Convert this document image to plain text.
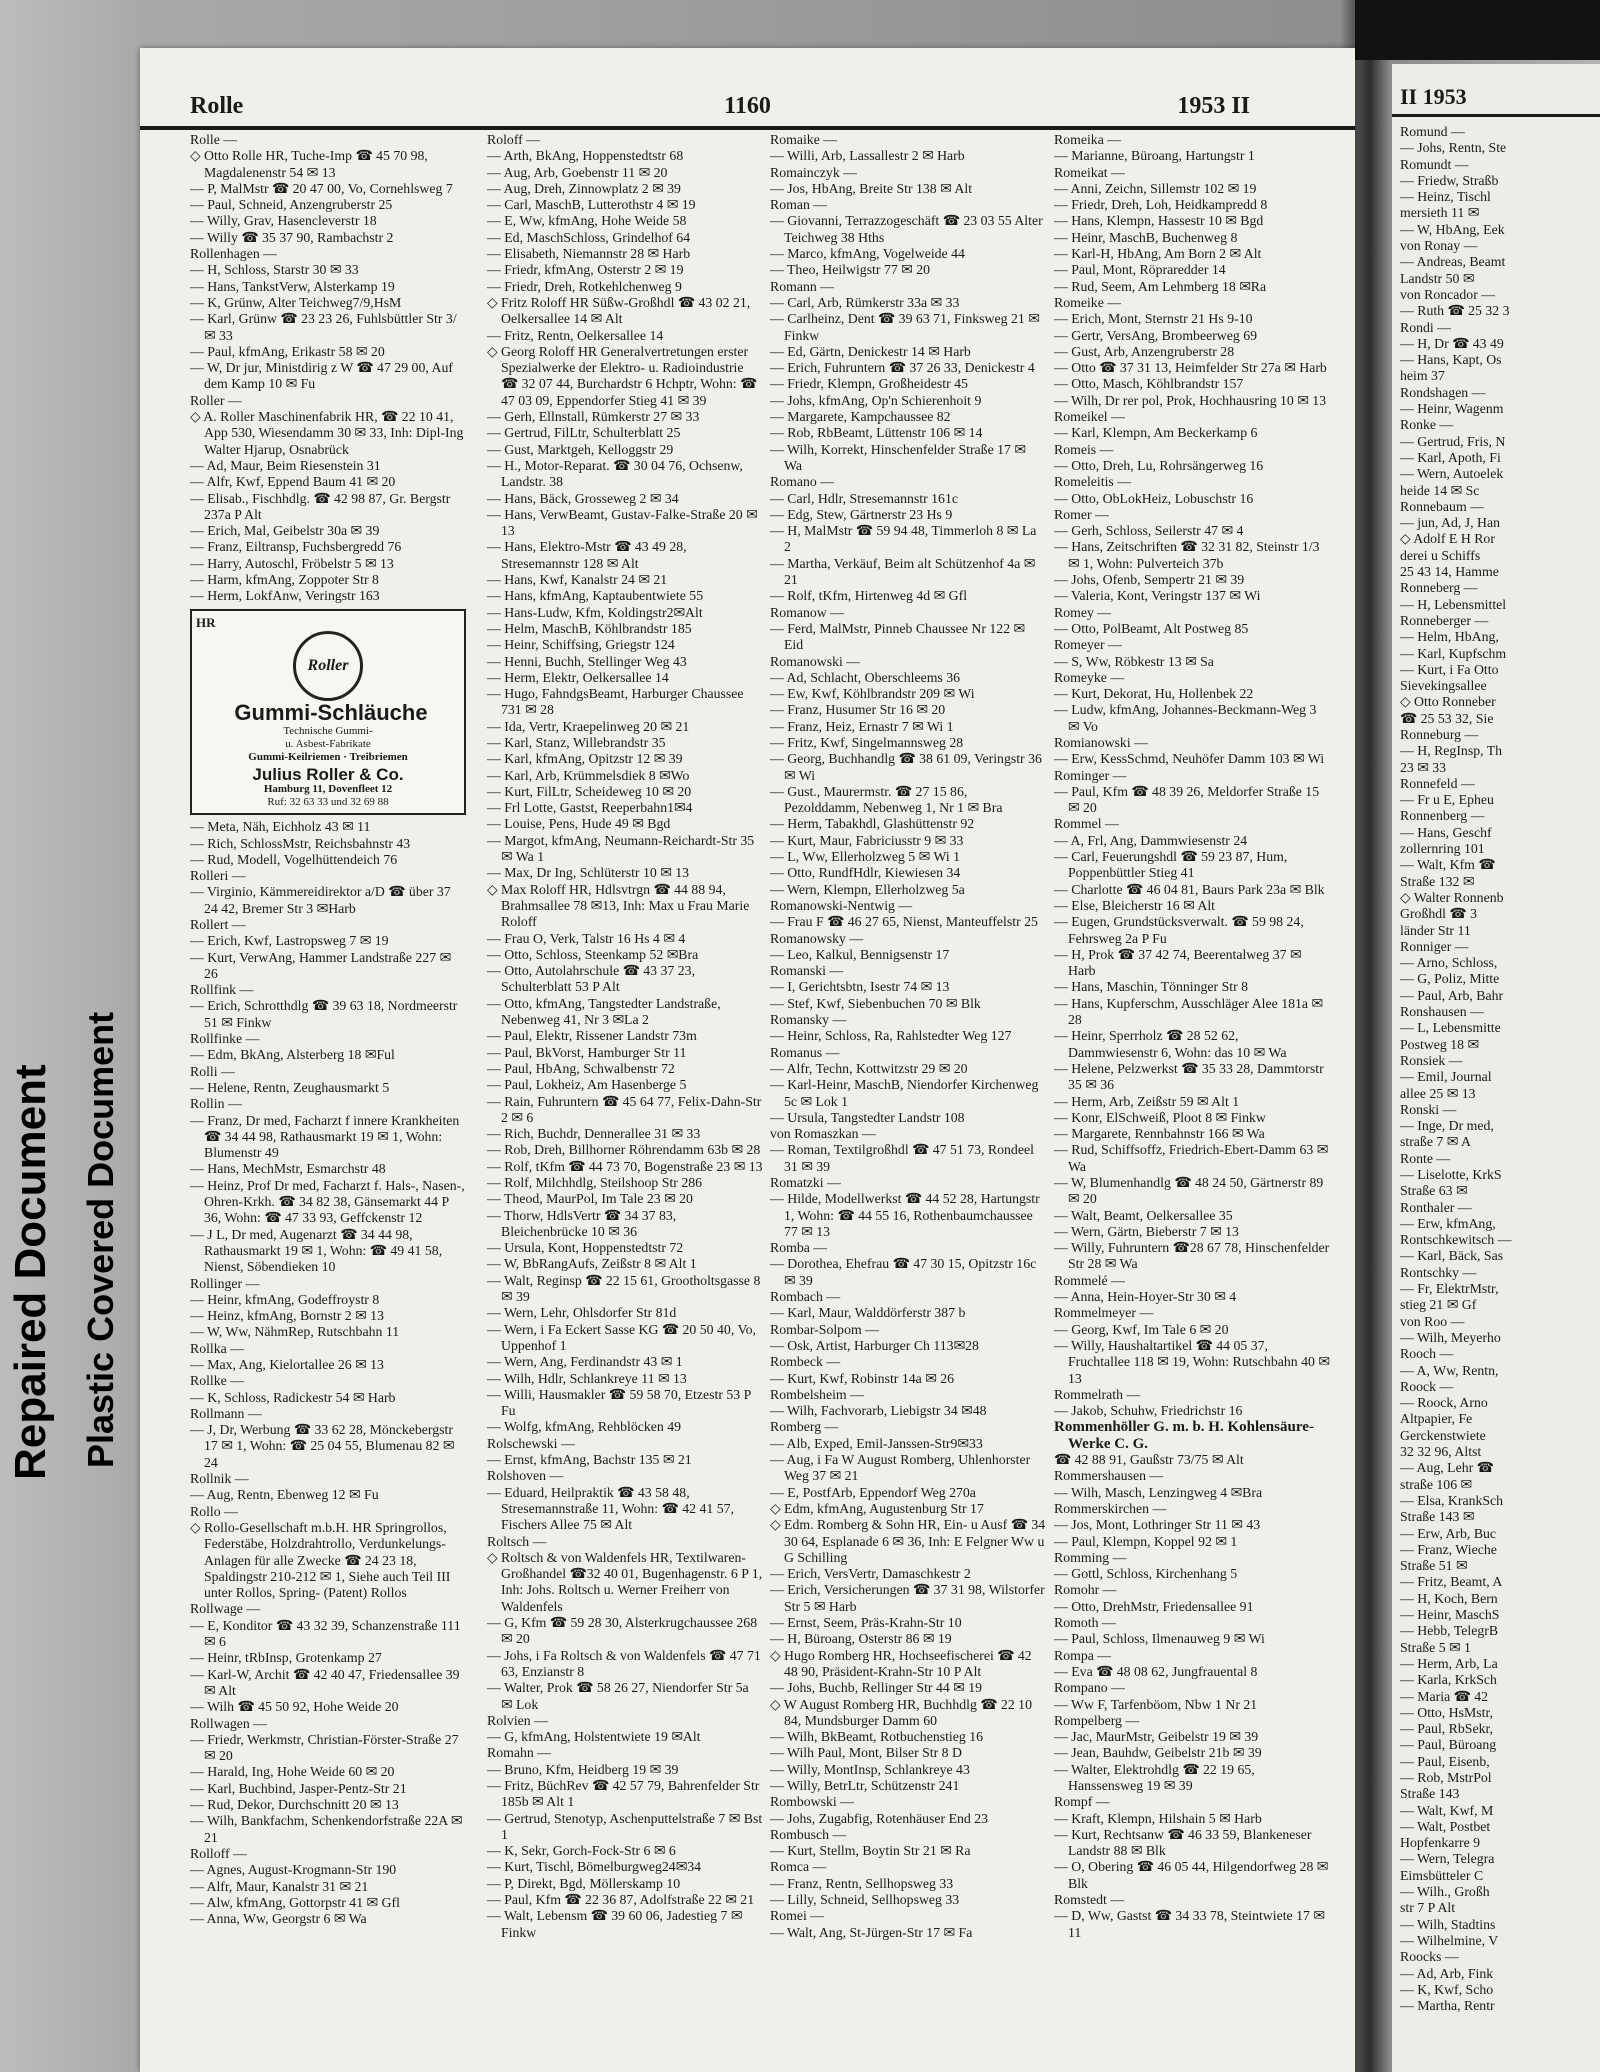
Repaired Document Plastic Covered Document
Rolle	1160	1953 II
Rolle —
◇ Otto Rolle HR, Tuche-Imp ☎ 45 70 98, Magdalenenstr 54 ✉ 13
— P, MalMstr ☎ 20 47 00, Vo, Cornehlsweg 7
— Paul, Schneid, Anzengruberstr 25
— Willy, Grav, Hasencleverstr 18
— Willy ☎ 35 37 90, Rambachstr 2
Rollenhagen —
— H, Schloss, Starstr 30 ✉ 33
— Hans, TankstVerw, Alsterkamp 19
— K, Grünw, Alter Teichweg7/9,HsM
— Karl, Grünw ☎ 23 23 26, Fuhlsbüttler Str 3/ ✉ 33
— Paul, kfmAng, Erikastr 58 ✉ 20
— W, Dr jur, Ministdirig z W ☎ 47 29 00, Auf dem Kamp 10 ✉ Fu
Roller —
◇ A. Roller Maschinenfabrik HR, ☎ 22 10 41, App 530, Wiesendamm 30 ✉ 33, Inh: Dipl-Ing Walter Hjarup, Osnabrück
— Ad, Maur, Beim Riesenstein 31
— Alfr, Kwf, Eppend Baum 41 ✉ 20
— Elisab., Fischhdlg. ☎ 42 98 87, Gr. Bergstr 237a P Alt
— Erich, Mal, Geibelstr 30a ✉ 39
— Franz, Eiltransp, Fuchsbergredd 76
— Harry, Autoschl, Fröbelstr 5 ✉ 13
— Harm, kfmAng, Zoppoter Str 8
— Herm, LokfAnw, Veringstr 163
HR
Roller Gummi-Schläuche
Technische Gummi-
u. Asbest-Fabrikate
Gummi-Keilriemen · Treibriemen
Julius Roller & Co.
Hamburg 11, Dovenfleet 12
Ruf: 32 63 33 und 32 69 88
— Meta, Näh, Eichholz 43 ✉ 11
— Rich, SchlossMstr, Reichsbahnstr 43
— Rud, Modell, Vogelhüttendeich 76
Rolleri —
— Virginio, Kämmereidirektor a/D ☎ über 37 24 42, Bremer Str 3 ✉Harb
Rollert —
— Erich, Kwf, Lastropsweg 7 ✉ 19
— Kurt, VerwAng, Hammer Landstraße 227 ✉ 26
Rollfink —
— Erich, Schrotthdlg ☎ 39 63 18, Nordmeerstr 51 ✉ Finkw
Rollfinke —
— Edm, BkAng, Alsterberg 18 ✉Ful
Rolli —
— Helene, Rentn, Zeughausmarkt 5
Rollin —
— Franz, Dr med, Facharzt f innere Krankheiten ☎ 34 44 98, Rathausmarkt 19 ✉ 1, Wohn: Blumenstr 49
— Hans, MechMstr, Esmarchstr 48
— Heinz, Prof Dr med, Facharzt f. Hals-, Nasen-, Ohren-Krkh. ☎ 34 82 38, Gänsemarkt 44 P 36, Wohn: ☎ 47 33 93, Geffckenstr 12
— J L, Dr med, Augenarzt ☎ 34 44 98, Rathausmarkt 19 ✉ 1, Wohn: ☎ 49 41 58, Nienst, Söbendieken 10
Rollinger —
— Heinr, kfmAng, Godeffroystr 8
— Heinz, kfmAng, Bornstr 2 ✉ 13
— W, Ww, NähmRep, Rutschbahn 11
Rollka —
— Max, Ang, Kielortallee 26 ✉ 13
Rollke —
— K, Schloss, Radickestr 54 ✉ Harb
Rollmann —
— J, Dr, Werbung ☎ 33 62 28, Mönckebergstr 17 ✉ 1, Wohn: ☎ 25 04 55, Blumenau 82 ✉ 24
Rollnik —
— Aug, Rentn, Ebenweg 12 ✉ Fu
Rollo —
◇ Rollo-Gesellschaft m.b.H. HR Springrollos, Federstäbe, Holzdrahtrollo, Verdunkelungs-Anlagen für alle Zwecke ☎ 24 23 18, Spaldingstr 210-212 ✉ 1, Siehe auch Teil III unter Rollos, Spring- (Patent) Rollos
Rollwage —
— E, Konditor ☎ 43 32 39, Schanzenstraße 111 ✉ 6
— Heinr, tRbInsp, Grotenkamp 27
— Karl-W, Archit ☎ 42 40 47, Friedensallee 39 ✉ Alt
— Wilh ☎ 45 50 92, Hohe Weide 20
Rollwagen —
— Friedr, Werkmstr, Christian-Förster-Straße 27 ✉ 20
— Harald, Ing, Hohe Weide 60 ✉ 20
— Karl, Buchbind, Jasper-Pentz-Str 21
— Rud, Dekor, Durchschnitt 20 ✉ 13
— Wilh, Bankfachm, Schenkendorfstraße 22A ✉ 21
Rolloff —
— Agnes, August-Krogmann-Str 190
— Alfr, Maur, Kanalstr 31 ✉ 21
— Alw, kfmAng, Gottorpstr 41 ✉ Gfl
— Anna, Ww, Georgstr 6 ✉ Wa
Roloff —
— Arth, BkAng, Hoppenstedtstr 68
— Aug, Arb, Goebenstr 11 ✉ 20
— Aug, Dreh, Zinnowplatz 2 ✉ 39
— Carl, MaschB, Lutterothstr 4 ✉ 19
— E, Ww, kfmAng, Hohe Weide 58
— Ed, MaschSchloss, Grindelhof 64
— Elisabeth, Niemannstr 28 ✉ Harb
— Friedr, kfmAng, Osterstr 2 ✉ 19
— Friedr, Dreh, Rotkehlchenweg 9
◇ Fritz Roloff HR Süßw-Großhdl ☎ 43 02 21, Oelkersallee 14 ✉ Alt
— Fritz, Rentn, Oelkersallee 14
◇ Georg Roloff HR Generalvertretungen erster Spezialwerke der Elektro- u. Radioindustrie ☎ 32 07 44, Burchardstr 6 Hchptr, Wohn: ☎ 47 03 09, Eppendorfer Stieg 41 ✉ 39
— Gerh, Ellnstall, Rümkerstr 27 ✉ 33
— Gertrud, FilLtr, Schulterblatt 25
— Gust, Marktgeh, Kelloggstr 29
— H., Motor-Reparat. ☎ 30 04 76, Ochsenw, Landstr. 38
— Hans, Bäck, Grosseweg 2 ✉ 34
— Hans, VerwBeamt, Gustav-Falke-Straße 20 ✉ 13
— Hans, Elektro-Mstr ☎ 43 49 28, Stresemannstr 128 ✉ Alt
— Hans, Kwf, Kanalstr 24 ✉ 21
— Hans, kfmAng, Kaptaubentwiete 55
— Hans-Ludw, Kfm, Koldingstr2✉Alt
— Helm, MaschB, Köhlbrandstr 185
— Heinr, Schiffsing, Griegstr 124
— Henni, Buchh, Stellinger Weg 43
— Herm, Elektr, Oelkersallee 14
— Hugo, FahndgsBeamt, Harburger Chaussee 731 ✉ 28
— Ida, Vertr, Kraepelinweg 20 ✉ 21
— Karl, Stanz, Willebrandstr 35
— Karl, kfmAng, Opitzstr 12 ✉ 39
— Karl, Arb, Krümmelsdiek 8 ✉Wo
— Kurt, FilLtr, Scheideweg 10 ✉ 20
— Frl Lotte, Gastst, Reeperbahn1✉4
— Louise, Pens, Hude 49 ✉ Bgd
— Margot, kfmAng, Neumann-Reichardt-Str 35 ✉ Wa 1
— Max, Dr Ing, Schlüterstr 10 ✉ 13
◇ Max Roloff HR, Hdlsvtrgn ☎ 44 88 94, Brahmsallee 78 ✉13, Inh: Max u Frau Marie Roloff
— Frau O, Verk, Talstr 16 Hs 4 ✉ 4
— Otto, Schloss, Steenkamp 52 ✉Bra
— Otto, Autolahrschule ☎ 43 37 23, Schulterblatt 53 P Alt
— Otto, kfmAng, Tangstedter Landstraße, Nebenweg 41, Nr 3 ✉La 2
— Paul, Elektr, Rissener Landstr 73m
— Paul, BkVorst, Hamburger Str 11
— Paul, HbAng, Schwalbenstr 72
— Paul, Lokheiz, Am Hasenberge 5
— Rain, Fuhruntern ☎ 45 64 77, Felix-Dahn-Str 2 ✉ 6
— Rich, Buchdr, Dennerallee 31 ✉ 33
— Rob, Dreh, Billhorner Röhrendamm 63b ✉ 28
— Rolf, tKfm ☎ 44 73 70, Bogenstraße 23 ✉ 13
— Rolf, Milchhdlg, Steilshoop Str 286
— Theod, MaurPol, Im Tale 23 ✉ 20
— Thorw, HdlsVertr ☎ 34 37 83, Bleichenbrücke 10 ✉ 36
— Ursula, Kont, Hoppenstedtstr 72
— W, BbRangAufs, Zeißstr 8 ✉ Alt 1
— Walt, Reginsp ☎ 22 15 61, Grootholtsgasse 8 ✉ 39
— Wern, Lehr, Ohlsdorfer Str 81d
— Wern, i Fa Eckert Sasse KG ☎ 20 50 40, Vo, Uppenhof 1
— Wern, Ang, Ferdinandstr 43 ✉ 1
— Wilh, Hdlr, Schlankreye 11 ✉ 13
— Willi, Hausmakler ☎ 59 58 70, Etzestr 53 P Fu
— Wolfg, kfmAng, Rehblöcken 49
Rolschewski —
— Ernst, kfmAng, Bachstr 135 ✉ 21
Rolshoven —
— Eduard, Heilpraktik ☎ 43 58 48, Stresemannstraße 11, Wohn: ☎ 42 41 57, Fischers Allee 75 ✉ Alt
Roltsch —
◇ Roltsch & von Waldenfels HR, Textilwaren-Großhandel ☎32 40 01, Bugenhagenstr. 6 P 1, Inh: Johs. Roltsch u. Werner Freiherr von Waldenfels
— G, Kfm ☎ 59 28 30, Alsterkrugchaussee 268 ✉ 20
— Johs, i Fa Roltsch & von Waldenfels ☎ 47 71 63, Enzianstr 8
— Walter, Prok ☎ 58 26 27, Niendorfer Str 5a ✉ Lok
Rolvien —
— G, kfmAng, Holstentwiete 19 ✉Alt
Romahn —
— Bruno, Kfm, Heidberg 19 ✉ 39
— Fritz, BüchRev ☎ 42 57 79, Bahrenfelder Str 185b ✉ Alt 1
— Gertrud, Stenotyp, Aschenputtelstraße 7 ✉ Bst 1
— K, Sekr, Gorch-Fock-Str 6 ✉ 6
— Kurt, Tischl, Bömelburgweg24✉34
— P, Direkt, Bgd, Möllerskamp 10
— Paul, Kfm ☎ 22 36 87, Adolfstraße 22 ✉ 21
— Walt, Lebensm ☎ 39 60 06, Jadestieg 7 ✉ Finkw
Romaike —
— Willi, Arb, Lassallestr 2 ✉ Harb
Romainczyk —
— Jos, HbAng, Breite Str 138 ✉ Alt
Roman —
— Giovanni, Terrazzogeschäft ☎ 23 03 55 Alter Teichweg 38 Hths
— Marco, kfmAng, Vogelweide 44
— Theo, Heilwigstr 77 ✉ 20
Romann —
— Carl, Arb, Rümkerstr 33a ✉ 33
— Carlheinz, Dent ☎ 39 63 71, Finksweg 21 ✉ Finkw
— Ed, Gärtn, Denickestr 14 ✉ Harb
— Erich, Fuhruntern ☎ 37 26 33, Denickestr 4
— Friedr, Klempn, Großheidestr 45
— Johs, kfmAng, Op'n Schierenhoit 9
— Margarete, Kampchaussee 82
— Rob, RbBeamt, Lüttenstr 106 ✉ 14
— Wilh, Korrekt, Hinschenfelder Straße 17 ✉ Wa
Romano —
— Carl, Hdlr, Stresemannstr 161c
— Edg, Stew, Gärtnerstr 23 Hs 9
— H, MalMstr ☎ 59 94 48, Timmerloh 8 ✉ La 2
— Martha, Verkäuf, Beim alt Schützenhof 4a ✉ 21
— Rolf, tKfm, Hirtenweg 4d ✉ Gfl
Romanow —
— Ferd, MalMstr, Pinneb Chaussee Nr 122 ✉ Eid
Romanowski —
— Ad, Schlacht, Oberschleems 36
— Ew, Kwf, Köhlbrandstr 209 ✉ Wi
— Franz, Husumer Str 16 ✉ 20
— Franz, Heiz, Ernastr 7 ✉ Wi 1
— Fritz, Kwf, Singelmannsweg 28
— Georg, Buchhandlg ☎ 38 61 09, Veringstr 36 ✉ Wi
— Gust., Maurermstr. ☎ 27 15 86, Pezolddamm, Nebenweg 1, Nr 1 ✉ Bra
— Herm, Tabakhdl, Glashüttenstr 92
— Kurt, Maur, Fabriciusstr 9 ✉ 33
— L, Ww, Ellerholzweg 5 ✉ Wi 1
— Otto, RundfHdlr, Kiewiesen 34
— Wern, Klempn, Ellerholzweg 5a
Romanowski-Nentwig —
— Frau F ☎ 46 27 65, Nienst, Manteuffelstr 25
Romanowsky —
— Leo, Kalkul, Bennigsenstr 17
Romanski —
— I, Gerichtsbtn, Isestr 74 ✉ 13
— Stef, Kwf, Siebenbuchen 70 ✉ Blk
Romansky —
— Heinr, Schloss, Ra, Rahlstedter Weg 127
Romanus —
— Alfr, Techn, Kottwitzstr 29 ✉ 20
— Karl-Heinr, MaschB, Niendorfer Kirchenweg 5c ✉ Lok 1
— Ursula, Tangstedter Landstr 108
von Romaszkan —
— Roman, Textilgroßhdl ☎ 47 51 73, Rondeel 31 ✉ 39
Romatzki —
— Hilde, Modellwerkst ☎ 44 52 28, Hartungstr 1, Wohn: ☎ 44 55 16, Rothenbaumchaussee 77 ✉ 13
Romba —
— Dorothea, Ehefrau ☎ 47 30 15, Opitzstr 16c ✉ 39
Rombach —
— Karl, Maur, Walddörferstr 387 b
Rombar-Solpom —
— Osk, Artist, Harburger Ch 113✉28
Rombeck —
— Kurt, Kwf, Robinstr 14a ✉ 26
Rombelsheim —
— Wilh, Fachvorarb, Liebigstr 34 ✉48
Romberg —
— Alb, Exped, Emil-Janssen-Str9✉33
— Aug, i Fa W August Romberg, Uhlenhorster Weg 37 ✉ 21
— E, PostfArb, Eppendorf Weg 270a
◇ Edm, kfmAng, Augustenburg Str 17
◇ Edm. Romberg & Sohn HR, Ein- u Ausf ☎ 34 30 64, Esplanade 6 ✉ 36, Inh: E Felgner Ww u G Schilling
— Erich, VersVertr, Damaschkestr 2
— Erich, Versicherungen ☎ 37 31 98, Wilstorfer Str 5 ✉ Harb
— Ernst, Seem, Präs-Krahn-Str 10
— H, Büroang, Osterstr 86 ✉ 19
◇ Hugo Romberg HR, Hochseefischerei ☎ 42 48 90, Präsident-Krahn-Str 10 P Alt
— Johs, Buchb, Rellinger Str 44 ✉ 19
◇ W August Romberg HR, Buchhdlg ☎ 22 10 84, Mundsburger Damm 60
— Wilh, BkBeamt, Rotbuchenstieg 16
— Wilh Paul, Mont, Bilser Str 8 D
— Willy, MontInsp, Schlankreye 43
— Willy, BetrLtr, Schützenstr 241
Rombowski —
— Johs, Zugabfig, Rotenhäuser End 23
Rombusch —
— Kurt, Stellm, Boytin Str 21 ✉ Ra
Romca —
— Franz, Rentn, Sellhopsweg 33
— Lilly, Schneid, Sellhopsweg 33
Romei —
— Walt, Ang, St-Jürgen-Str 17 ✉ Fa
Romeika —
— Marianne, Büroang, Hartungstr 1
Romeikat —
— Anni, Zeichn, Sillemstr 102 ✉ 19
— Friedr, Dreh, Loh, Heidkampredd 8
— Hans, Klempn, Hassestr 10 ✉ Bgd
— Heinr, MaschB, Buchenweg 8
— Karl-H, HbAng, Am Born 2 ✉ Alt
— Paul, Mont, Röpraredder 14
— Rud, Seem, Am Lehmberg 18 ✉Ra
Romeike —
— Erich, Mont, Sternstr 21 Hs 9-10
— Gertr, VersAng, Brombeerweg 69
— Gust, Arb, Anzengruberstr 28
— Otto ☎ 37 31 13, Heimfelder Str 27a ✉ Harb
— Otto, Masch, Köhlbrandstr 157
— Wilh, Dr rer pol, Prok, Hochhausring 10 ✉ 13
Romeikel —
— Karl, Klempn, Am Beckerkamp 6
Romeis —
— Otto, Dreh, Lu, Rohrsängerweg 16
Romeleitis —
— Otto, ObLokHeiz, Lobuschstr 16
Romer —
— Gerh, Schloss, Seilerstr 47 ✉ 4
— Hans, Zeitschriften ☎ 32 31 82, Steinstr 1/3 ✉ 1, Wohn: Pulverteich 37b
— Johs, Ofenb, Sempertr 21 ✉ 39
— Valeria, Kont, Veringstr 137 ✉ Wi
Romey —
— Otto, PolBeamt, Alt Postweg 85
Romeyer —
— S, Ww, Röbkestr 13 ✉ Sa
Romeyke —
— Kurt, Dekorat, Hu, Hollenbek 22
— Ludw, kfmAng, Johannes-Beckmann-Weg 3 ✉ Vo
Romianowski —
— Erw, KessSchmd, Neuhöfer Damm 103 ✉ Wi
Rominger —
— Paul, Kfm ☎ 48 39 26, Meldorfer Straße 15 ✉ 20
Rommel —
— A, Frl, Ang, Dammwiesenstr 24
— Carl, Feuerungshdl ☎ 59 23 87, Hum, Poppenbüttler Stieg 41
— Charlotte ☎ 46 04 81, Baurs Park 23a ✉ Blk
— Else, Bleicherstr 16 ✉ Alt
— Eugen, Grundstücksverwalt. ☎ 59 98 24, Fehrsweg 2a P Fu
— H, Prok ☎ 37 42 74, Beerentalweg 37 ✉ Harb
— Hans, Maschin, Tönninger Str 8
— Hans, Kupferschm, Ausschläger Alee 181a ✉ 28
— Heinr, Sperrholz ☎ 28 52 62, Dammwiesenstr 6, Wohn: das 10 ✉ Wa
— Helene, Pelzwerkst ☎ 35 33 28, Dammtorstr 35 ✉ 36
— Herm, Arb, Zeißstr 59 ✉ Alt 1
— Konr, ElSchweiß, Ploot 8 ✉ Finkw
— Margarete, Rennbahnstr 166 ✉ Wa
— Rud, Schiffsoffz, Friedrich-Ebert-Damm 63 ✉ Wa
— W, Blumenhandlg ☎ 48 24 50, Gärtnerstr 89 ✉ 20
— Walt, Beamt, Oelkersallee 35
— Wern, Gärtn, Bieberstr 7 ✉ 13
— Willy, Fuhruntern ☎28 67 78, Hinschenfelder Str 28 ✉ Wa
Rommelé —
— Anna, Hein-Hoyer-Str 30 ✉ 4
Rommelmeyer —
— Georg, Kwf, Im Tale 6 ✉ 20
— Willy, Haushaltartikel ☎ 44 05 37, Fruchtallee 118 ✉ 19, Wohn: Rutschbahn 40 ✉ 13
Rommelrath —
— Jakob, Schuhw, Friedrichstr 16
Rommenhöller G. m. b. H. Kohlensäure-Werke C. G.
☎ 42 88 91, Gaußstr 73/75 ✉ Alt
Rommershausen —
— Wilh, Masch, Lenzingweg 4 ✉Bra
Rommerskirchen —
— Jos, Mont, Lothringer Str 11 ✉ 43
— Paul, Klempn, Koppel 92 ✉ 1
Romming —
— Gottl, Schloss, Kirchenhang 5
Romohr —
— Otto, DrehMstr, Friedensallee 91
Romoth —
— Paul, Schloss, Ilmenauweg 9 ✉ Wi
Rompa —
— Eva ☎ 48 08 62, Jungfrauental 8
Rompano —
— Ww F, Tarfenböom, Nbw 1 Nr 21
Rompelberg —
— Jac, MaurMstr, Geibelstr 19 ✉ 39
— Jean, Bauhdw, Geibelstr 21b ✉ 39
— Walter, Elektrohdlg ☎ 22 19 65, Hanssensweg 19 ✉ 39
Rompf —
— Kraft, Klempn, Hilshain 5 ✉ Harb
— Kurt, Rechtsanw ☎ 46 33 59, Blankeneser Landstr 88 ✉ Blk
— O, Obering ☎ 46 05 44, Hilgendorfweg 28 ✉ Blk
Romstedt —
— D, Ww, Gastst ☎ 34 33 78, Steintwiete 17 ✉ 11
II 1953
Romund —
— Johs, Rentn, Ste
Romundt —
— Friedw, Straßb
— Heinz, Tischl
mersieth 11 ✉
— W, HbAng, Eek
von Ronay —
— Andreas, Beamt
Landstr 50 ✉
von Roncador —
— Ruth ☎ 25 32 3
Rondi —
— H, Dr ☎ 43 49
— Hans, Kapt, Os
heim 37
Rondshagen —
— Heinr, Wagenm
Ronke —
— Gertrud, Fris, N
— Karl, Apoth, Fi
— Wern, Autoelek
heide 14 ✉ Sc
Ronnebaum —
— jun, Ad, J, Han
◇ Adolf E H Ror
derei u Schiffs
25 43 14, Hamme
Ronneberg —
— H, Lebensmittel
Ronneberger —
— Helm, HbAng,
— Karl, Kupfschm
— Kurt, i Fa Otto
Sievekingsallee
◇ Otto Ronneber
☎ 25 53 32, Sie
Ronneburg —
— H, RegInsp, Th
23 ✉ 33
Ronnefeld —
— Fr u E, Epheu
Ronnenberg —
— Hans, Geschf
zollernring 101
— Walt, Kfm ☎
Straße 132 ✉
◇ Walter Ronnenb
Großhdl ☎ 3
länder Str 11
Ronniger —
— Arno, Schloss,
— G, Poliz, Mitte
— Paul, Arb, Bahr
Ronshausen —
— L, Lebensmitte
Postweg 18 ✉
Ronsiek —
— Emil, Journal
allee 25 ✉ 13
Ronski —
— Inge, Dr med,
straße 7 ✉ A
Ronte —
— Liselotte, KrkS
Straße 63 ✉
Ronthaler —
— Erw, kfmAng,
Rontschkewitsch —
— Karl, Bäck, Sas
Rontschky —
— Fr, ElektrMstr,
stieg 21 ✉ Gf
von Roo —
— Wilh, Meyerho
Rooch —
— A, Ww, Rentn,
Roock —
— Roock, Arno
Altpapier, Fe
Gerckenstwiete
32 32 96, Altst
— Aug, Lehr ☎
straße 106 ✉
— Elsa, KrankSch
Straße 143 ✉
— Erw, Arb, Buc
— Franz, Wieche
Straße 51 ✉
— Fritz, Beamt, A
— H, Koch, Bern
— Heinr, MaschS
— Hebb, TelegrB
Straße 5 ✉ 1
— Herm, Arb, La
— Karla, KrkSch
— Maria ☎ 42
— Otto, HsMstr,
— Paul, RbSekr,
— Paul, Büroang
— Paul, Eisenb,
— Rob, MstrPol
Straße 143
— Walt, Kwf, M
— Walt, Postbet
Hopfenkarre 9
— Wern, Telegra
Eimsbütteler C
— Wilh., Großh
str 7 P Alt
— Wilh, Stadtins
— Wilhelmine, V
Roocks —
— Ad, Arb, Fink
— K, Kwf, Scho
— Martha, Rentr
